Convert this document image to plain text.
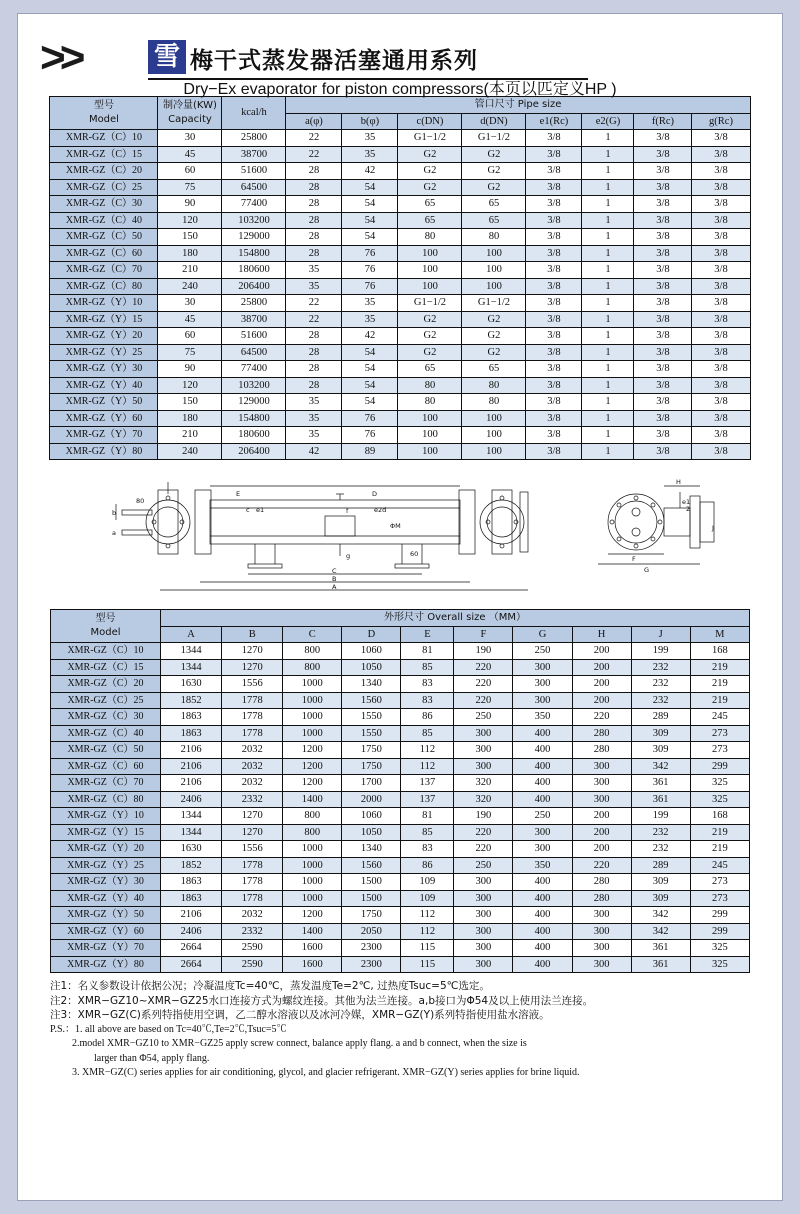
>>	雪 梅干式蒸发器活塞通用系列
Dry−Ex evaporator for piston compressors(本页以匹定义HP )
型号
Model

制冷量(KW)
Capacity
	kcal/h	管口尺寸 Pipe size
			a(φ)	b(φ)	c(DN)	d(DN)	e1(Rc)	e2(G)	f(Rc)	g(Rc)
XMR-GZ（C）10	30	25800	22	35	G1−1/2	G1−1/2	3/8	1	3/8	3/8
XMR-GZ（C）15	45	38700	22	35	G2	G2	3/8	1	3/8	3/8
XMR-GZ（C）20	60	51600	28	42	G2	G2	3/8	1	3/8	3/8
XMR-GZ（C）25	75	64500	28	54	G2	G2	3/8	1	3/8	3/8
XMR-GZ（C）30	90	77400	28	54	65	65	3/8	1	3/8	3/8
XMR-GZ（C）40	120	103200	28	54	65	65	3/8	1	3/8	3/8
XMR-GZ（C）50	150	129000	28	54	80	80	3/8	1	3/8	3/8
XMR-GZ（C）60	180	154800	28	76	100	100	3/8	1	3/8	3/8
XMR-GZ（C）70	210	180600	35	76	100	100	3/8	1	3/8	3/8
XMR-GZ（C）80	240	206400	35	76	100	100	3/8	1	3/8	3/8
XMR-GZ（Y）10	30	25800	22	35	G1−1/2	G1−1/2	3/8	1	3/8	3/8
XMR-GZ（Y）15	45	38700	22	35	G2	G2	3/8	1	3/8	3/8
XMR-GZ（Y）20	60	51600	28	42	G2	G2	3/8	1	3/8	3/8
XMR-GZ（Y）25	75	64500	28	54	G2	G2	3/8	1	3/8	3/8
XMR-GZ（Y）30	90	77400	28	54	65	65	3/8	1	3/8	3/8
XMR-GZ（Y）40	120	103200	28	54	80	80	3/8	1	3/8	3/8
XMR-GZ（Y）50	150	129000	35	54	80	80	3/8	1	3/8	3/8
XMR-GZ（Y）60	180	154800	35	76	100	100	3/8	1	3/8	3/8
XMR-GZ（Y）70	210	180600	35	76	100	100	3/8	1	3/8	3/8
XMR-GZ（Y）80	240	206400	42	89	100	100	3/8	1	3/8	3/8
E	D
e1	f	e2d
c
b
a
80
ΦM
g	60
C
B
A
H
e1
2
J
F
G
型号
Model	外形尺寸 Overall size （MM）									
	A	B	C	D	E	F	G	H	J	M
XMR-GZ（C）10	1344	1270	800	1060	81	190	250	200	199	168
XMR-GZ（C）15	1344	1270	800	1050	85	220	300	200	232	219
XMR-GZ（C）20	1630	1556	1000	1340	83	220	300	200	232	219
XMR-GZ（C）25	1852	1778	1000	1560	83	220	300	200	232	219
XMR-GZ（C）30	1863	1778	1000	1550	86	250	350	220	289	245
XMR-GZ（C）40	1863	1778	1000	1550	85	300	400	280	309	273
XMR-GZ（C）50	2106	2032	1200	1750	112	300	400	280	309	273
XMR-GZ（C）60	2106	2032	1200	1750	112	300	400	300	342	299
XMR-GZ（C）70	2106	2032	1200	1700	137	320	400	300	361	325
XMR-GZ（C）80	2406	2332	1400	2000	137	320	400	300	361	325
XMR-GZ（Y）10	1344	1270	800	1060	81	190	250	200	199	168
XMR-GZ（Y）15	1344	1270	800	1050	85	220	300	200	232	219
XMR-GZ（Y）20	1630	1556	1000	1340	83	220	300	200	232	219
XMR-GZ（Y）25	1852	1778	1000	1560	86	250	350	220	289	245
XMR-GZ（Y）30	1863	1778	1000	1500	109	300	400	280	309	273
XMR-GZ（Y）40	1863	1778	1000	1500	109	300	400	280	309	273
XMR-GZ（Y）50	2106	2032	1200	1750	112	300	400	300	342	299
XMR-GZ（Y）60	2406	2332	1400	2050	112	300	400	300	342	299
XMR-GZ（Y）70	2664	2590	1600	2300	115	300	400	300	361	325
XMR-GZ（Y）80	2664	2590	1600	2300	115	300	400	300	361	325
注1：名义参数设计依据公况；冷凝温度Tc=40℃，蒸发温度Te=2℃, 过热度Tsuc=5℃选定。
注2：XMR−GZ10~XMR−GZ25水口连接方式为螺纹连接。其他为法兰连接。a,b接口为Φ54及以上使用法兰连接。
注3：XMR−GZ(C)系列特指使用空调，乙二醇水溶液以及冰河冷媒，XMR−GZ(Y)系列特指使用盐水溶液。
P.S.：1. all above are based on Tc=40℃,Te=2℃,Tsuc=5℃
2.model XMR−GZ10 to XMR−GZ25 apply screw connect, balance apply flang. a and b connect, when the size is
larger than Φ54, apply flang.
3. XMR−GZ(C) series applies for air conditioning, glycol, and glacier refrigerant. XMR−GZ(Y) series applies for brine liquid.
